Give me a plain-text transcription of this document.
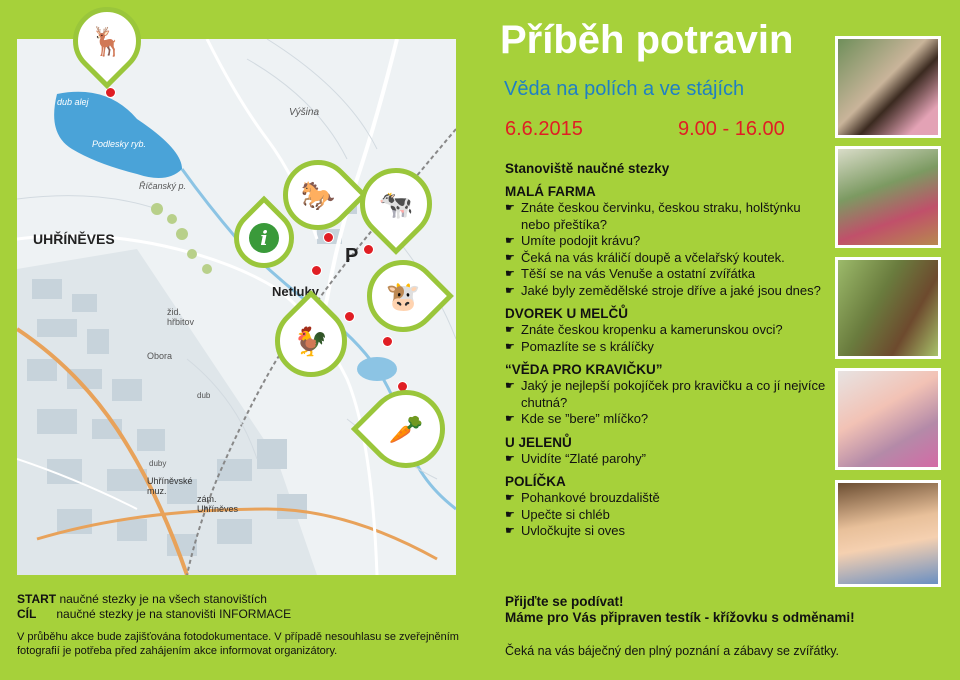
dub alej
Výšina
Podlesky ryb.
Říčanský p.
UHŘÍNĚVES
Netluky
P
žid. hřbitov
Obora
dub
duby
Uhříněvské muz.
zám. Uhříněves
🦌
🐎	🐄
i
🐮
🐓
🥕
Příběh potravin
Věda na polích a ve stájích
6.6.2015	9.00 - 16.00
Stanoviště naučné stezky
MALÁ FARMA
☛ Znáte českou červinku, českou straku, holštýnku nebo přeštíka?
☛ Umíte podojit krávu?
☛ Čeká na vás králičí doupě a včelařský koutek.
☛ Těší se na vás Venuše a ostatní zvířátka
☛ Jaké byly zemědělské stroje dříve a jaké jsou dnes?
DVOREK U MELČŮ
☛ Znáte českou kropenku a kamerunskou ovci?
☛ Pomazlíte se s králíčky
“VĚDA PRO KRAVIČKU”
☛ Jaký je nejlepší pokojíček pro kravičku a co jí nejvíce chutná?
☛ Kde se ”bere” mlíčko?
U JELENŮ
☛ Uvidíte “Zlaté parohy”
POLÍČKA
☛ Pohankové brouzdaliště
☛ Upečte si chléb
☛ Uvločkujte si oves
START naučné stezky je na všech stanovištích
CÍL naučné stezky je na stanovišti INFORMACE
V průběhu akce bude zajišťována fotodokumentace. V případě nesouhlasu se zveřejněním fotografií je potřeba před zahájením akce informovat organizátory.
Přijďte se podívat!
Máme pro Vás připraven testík - křížovku s odměnami!
Čeká na vás báječný den plný poznání a zábavy se zvířátky.
